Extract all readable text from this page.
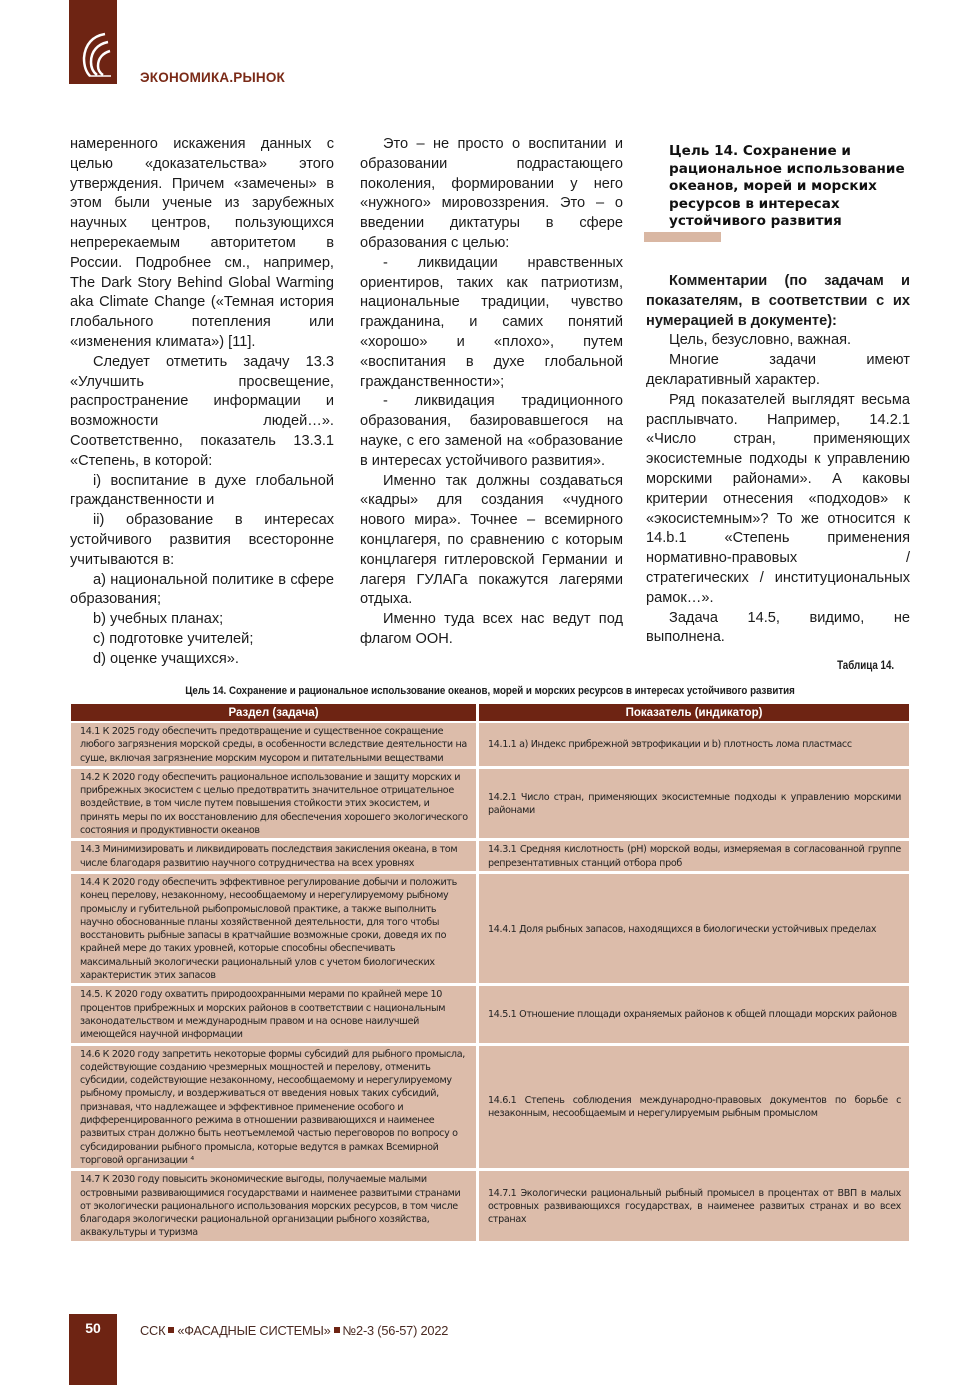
ЭКОНОМИКА.РЫНОК

намеренного искажения данных с целью «доказательства» этого утверждения. Причем «замечены» в этом были ученые из зарубежных научных центров, пользующихся непререкаемым авторитетом в России. Подробнее см., например, The Dark Story Behind Global Warming aka Climate Change («Темная история глобального потепления или «изменения климата») [11].

Следует отметить задачу 13.3 «Улучшить просвещение, распространение информации и возможности людей…». Соответственно, показатель 13.3.1 «Степень, в которой:

i) воспитание в духе глобальной гражданственности и

ii) образование в интересах устойчивого развития всесторонне учитываются в:

a) национальной политике в сфере образования;

b) учебных планах;

c) подготовке учителей;

d) оценке учащихся».

Это – не просто о воспитании и образовании подрастающего поколения, формировании у него «нужного» мировоззрения. Это – о введении диктатуры в сфере образования с целью:

- ликвидации нравственных ориентиров, таких как патриотизм, национальные традиции, чувство гражданина, и самих понятий «хорошо» и «плохо», путем «воспитания в духе глобальной гражданственности»;

- ликвидация традиционного образования, базировавшегося на науке, с его заменой на «образование в интересах устойчивого развития».

Именно так должны создаваться «кадры» для создания «чудного нового мира». Точнее – всемирного концлагеря, по сравнению с которым концлагеря гитлеровской Германии и лагеря ГУЛАГа покажутся лагерями отдыха.

Именно туда всех нас ведут под флагом ООН.

Цель 14. Сохранение и рациональное использование океанов, морей и морских ресурсов в интересах устойчивого развития

Комментарии (по задачам и показателям, в соответствии с их нумерацией в документе):

Цель, безусловно, важная.

Многие задачи имеют декларативный характер.

Ряд показателей выглядят весьма расплывчато. Например, 14.2.1 «Число стран, применяющих экосистемные подходы к управлению морскими районами». А каковы критерии отнесения «подходов» к «экосистемным»? То же относится к 14.b.1 «Степень применения нормативно-правовых / стратегических / институциональных рамок…».

Задача 14.5, видимо, не выполнена.

Таблица 14.
Цель 14. Сохранение и рациональное использование океанов, морей и морских ресурсов в интересах устойчивого развития
Раздел (задача)	Показатель (индикатор)
14.1 К 2025 году обеспечить предотвращение и существенное сокращение любого загрязнения морской среды, в особенности вследствие деятельности на суше, включая загрязнение морским мусором и питательными веществами	14.1.1 a) Индекс прибрежной эвтрофикации и b) плотность лома пластмасс
14.2 К 2020 году обеспечить рациональное использование и защиту морских и прибрежных экосистем с целью предотвратить значительное отрицательное воздействие, в том числе путем повышения стойкости этих экосистем, и принять меры по их восстановлению для обеспечения хорошего экологического состояния и продуктивности океанов	14.2.1 Число стран, применяющих экосистемные подходы к управлению морскими районами
14.3 Минимизировать и ликвидировать последствия закисления океана, в том числе благодаря развитию научного сотрудничества на всех уровнях	14.3.1 Средняя кислотность (pH) морской воды, измеряемая в согласованной группе репрезентативных станций отбора проб
14.4 К 2020 году обеспечить эффективное регулирование добычи и положить конец перелову, незаконному, несообщаемому и нерегулируемому рыбному промыслу и губительной рыбопромысловой практике, а также выполнить научно обоснованные планы хозяйственной деятельности, для того чтобы восстановить рыбные запасы в кратчайшие возможные сроки, доведя их по крайней мере до таких уровней, которые способны обеспечивать максимальный экологически рациональный улов с учетом биологических характеристик этих запасов	14.4.1 Доля рыбных запасов, находящихся в биологически устойчивых пределах
14.5. К 2020 году охватить природоохранными мерами по крайней мере 10 процентов прибрежных и морских районов в соответствии с национальным законодательством и международным правом и на основе наилучшей имеющейся научной информации	14.5.1 Отношение площади охраняемых районов к общей площади морских районов
14.6 К 2020 году запретить некоторые формы субсидий для рыбного промысла, содействующие созданию чрезмерных мощностей и перелову, отменить субсидии, содействующие незаконному, несообщаемому и нерегулируемому рыбному промыслу, и воздерживаться от введения новых таких субсидий, признавая, что надлежащее и эффективное применение особого и дифференцированного режима в отношении развивающихся и наименее развитых стран должно быть неотъемлемой частью переговоров по вопросу о субсидировании рыбного промысла, которые ведутся в рамках Всемирной торговой организации ⁴	14.6.1 Степень соблюдения международно-правовых документов по борьбе с незаконным, несообщаемым и нерегулируемым рыбным промыслом
14.7 К 2030 году повысить экономические выгоды, получаемые малыми островными развивающимися государствами и наименее развитыми странами от экологически рационального использования морских ресурсов, в том числе благодаря экологически рациональной организации рыбного хозяйства, аквакультуры и туризма	14.7.1 Экологически рациональный рыбный промысел в процентах от ВВП в малых островных развивающихся государствах, в наименее развитых странах и во всех странах
50	ССК «ФАСАДНЫЕ СИСТЕМЫ» №2-3 (56-57) 2022
